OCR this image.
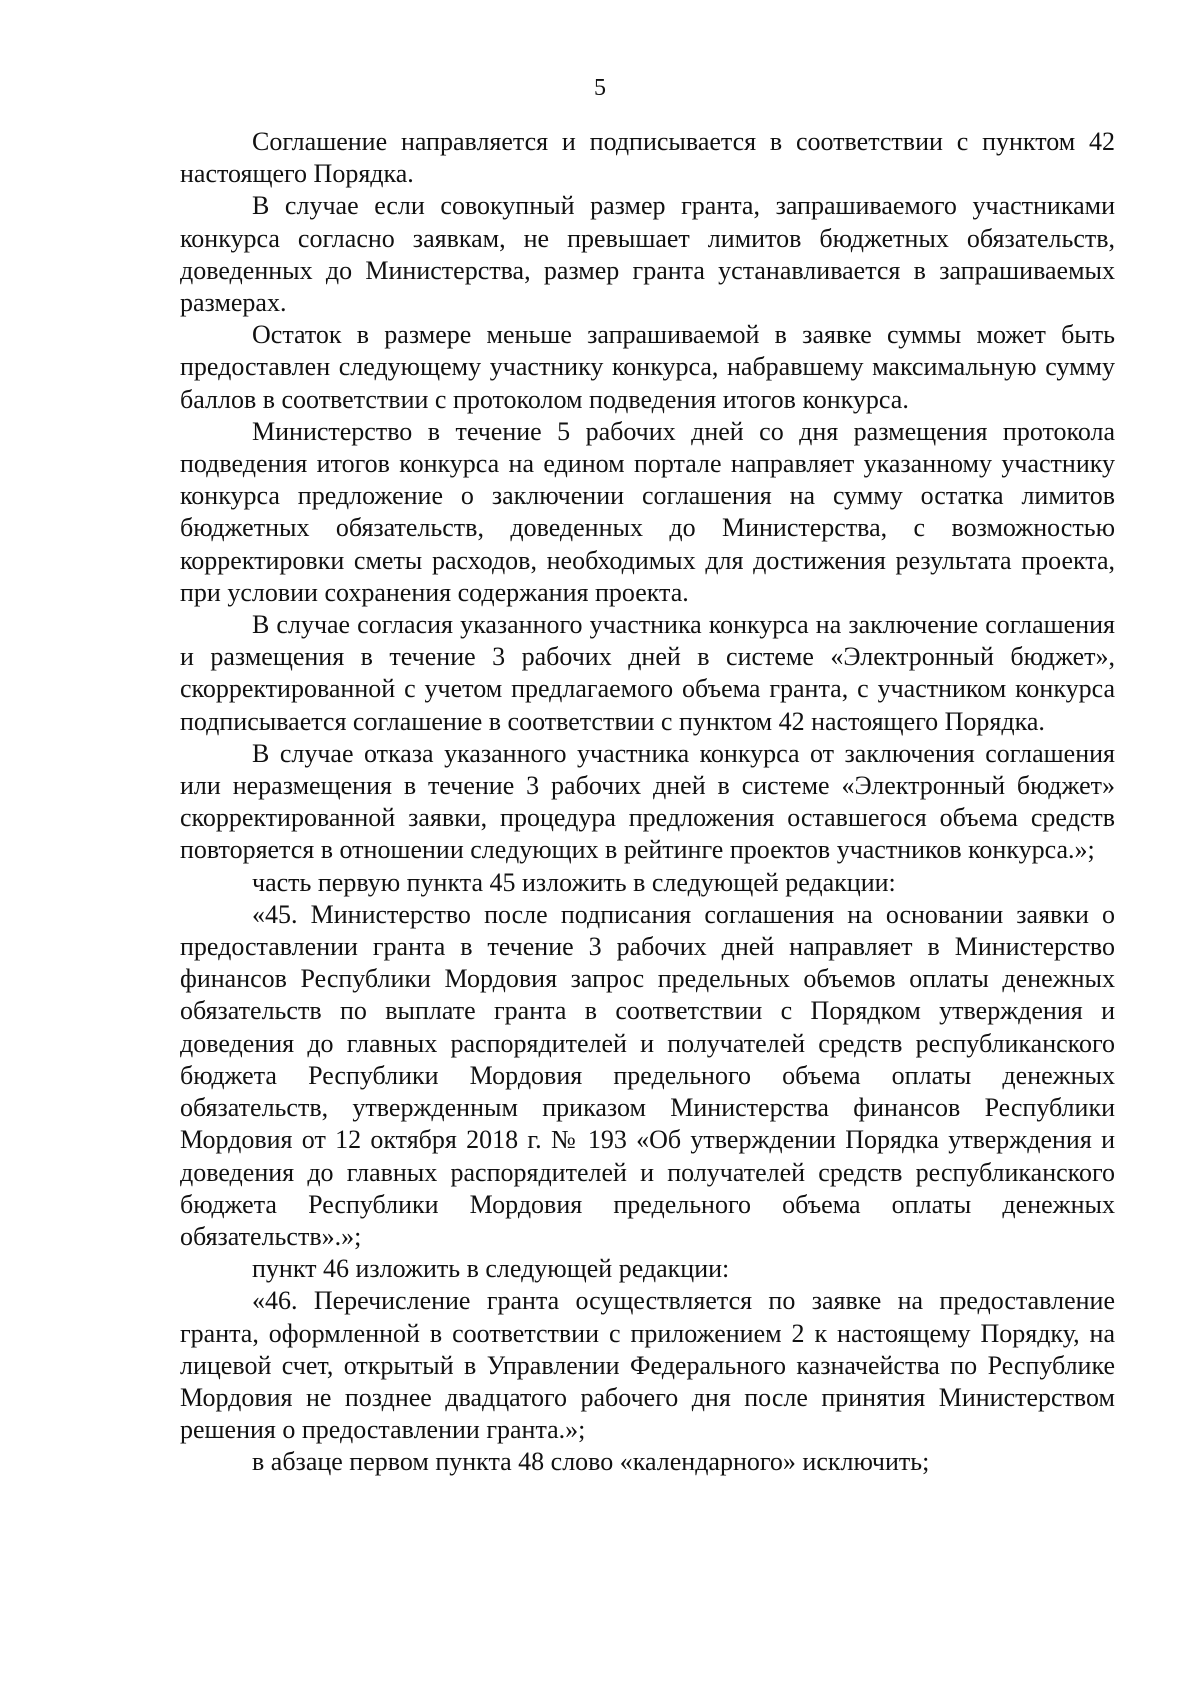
5

Соглашение направляется и подписывается в соответствии с пунктом 42 настоящего Порядка.

В случае если совокупный размер гранта, запрашиваемого участниками конкурса согласно заявкам, не превышает лимитов бюджетных обязательств, доведенных до Министерства, размер гранта устанавливается в запрашиваемых размерах.

Остаток в размере меньше запрашиваемой в заявке суммы может быть предоставлен следующему участнику конкурса, набравшему максимальную сумму баллов в соответствии с протоколом подведения итогов конкурса.

Министерство в течение 5 рабочих дней со дня размещения протокола подведения итогов конкурса на едином портале направляет указанному участнику конкурса предложение о заключении соглашения на сумму остатка лимитов бюджетных обязательств, доведенных до Министерства, с возможностью корректировки сметы расходов, необходимых для достижения результата проекта, при условии сохранения содержания проекта.

В случае согласия указанного участника конкурса на заключение соглашения и размещения в течение 3 рабочих дней в системе «Электронный бюджет», скорректированной с учетом предлагаемого объема гранта, с участником конкурса подписывается соглашение в соответствии с пунктом 42 настоящего Порядка.

В случае отказа указанного участника конкурса от заключения соглашения или неразмещения в течение 3 рабочих дней в системе «Электронный бюджет» скорректированной заявки, процедура предложения оставшегося объема средств повторяется в отношении следующих в рейтинге проектов участников конкурса.»;

часть первую пункта 45 изложить в следующей редакции:

«45. Министерство после подписания соглашения на основании заявки о предоставлении гранта в течение 3 рабочих дней направляет в Министерство финансов Республики Мордовия запрос предельных объемов оплаты денежных обязательств по выплате гранта в соответствии с Порядком утверждения и доведения до главных распорядителей и получателей средств республиканского бюджета Республики Мордовия предельного объема оплаты денежных обязательств, утвержденным приказом Министерства финансов Республики Мордовия от 12 октября 2018 г. № 193 «Об утверждении Порядка утверждения и доведения до главных распорядителей и получателей средств республиканского бюджета Республики Мордовия предельного объема оплаты денежных обязательств».»;

пункт 46 изложить в следующей редакции:

«46. Перечисление гранта осуществляется по заявке на предоставление гранта, оформленной в соответствии с приложением 2 к настоящему Порядку, на лицевой счет, открытый в Управлении Федерального казначейства по Республике Мордовия не позднее двадцатого рабочего дня после принятия Министерством решения о предоставлении гранта.»;

в абзаце первом пункта 48 слово «календарного» исключить;
